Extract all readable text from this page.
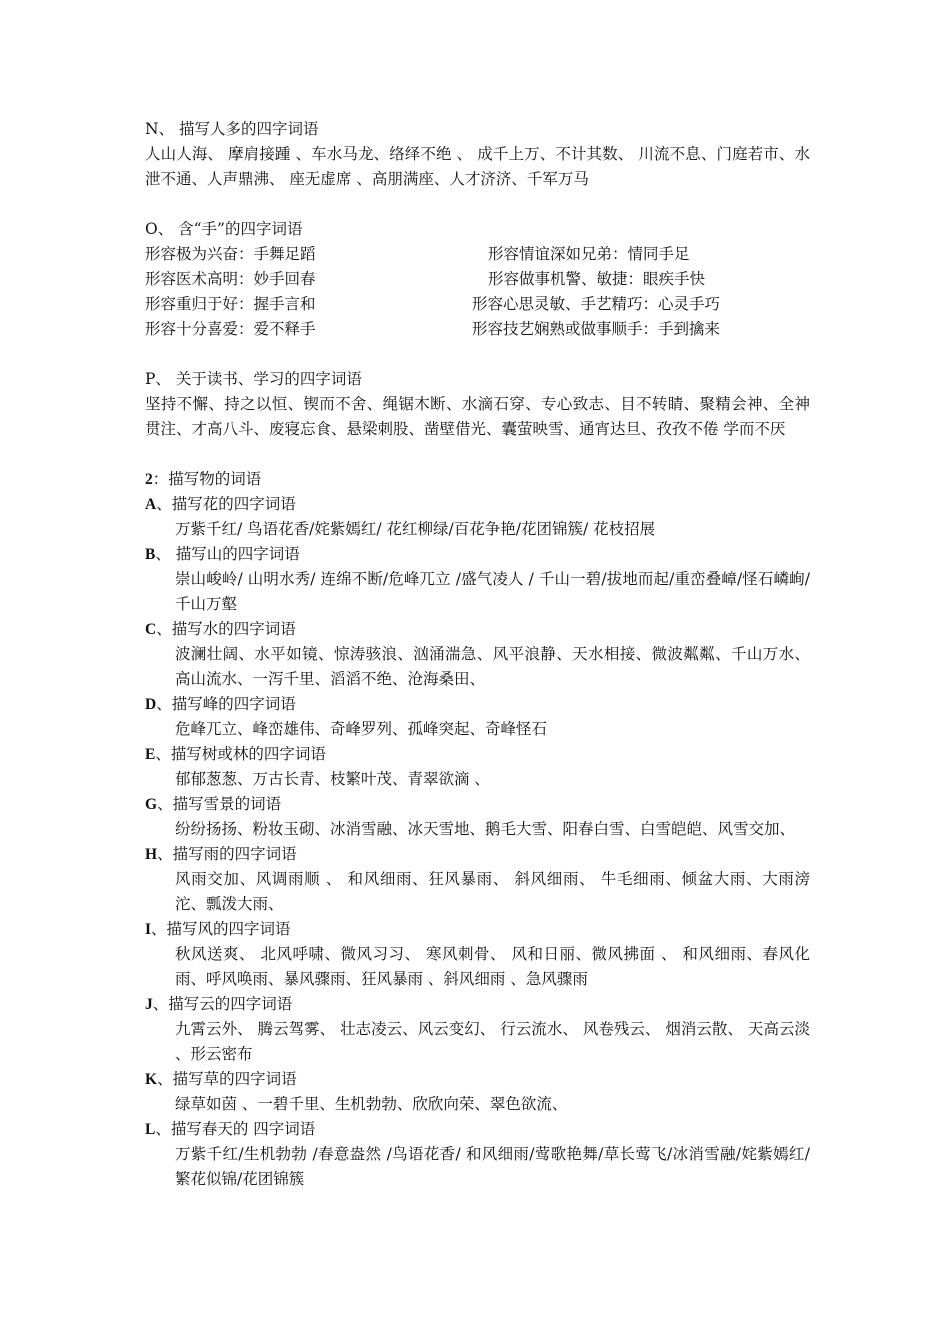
N、 描写人多的四字词语
人山人海、 摩肩接踵 、车水马龙、络绎不绝 、 成千上万、不计其数、 川流不息、门庭若市、水泄不通、人声鼎沸、 座无虚席 、高朋满座、人才济济、千军万马
O、 含“手”的四字词语
形容极为兴奋：手舞足蹈	形容情谊深如兄弟：情同手足
形容医术高明：妙手回春	形容做事机警、敏捷：眼疾手快
形容重归于好：握手言和	形容心思灵敏、手艺精巧：心灵手巧
形容十分喜爱：爱不释手	形容技艺娴熟或做事顺手：手到擒来
P、 关于读书、学习的四字词语
坚持不懈、持之以恒、锲而不舍、绳锯木断、水滴石穿、专心致志、目不转睛、聚精会神、全神贯注、才高八斗、废寝忘食、悬梁刺股、凿壁借光、囊萤映雪、通宵达旦、孜孜不倦 学而不厌
2：描写物的词语
A、描写花的四字词语
万紫千红/ 鸟语花香/姹紫嫣红/ 花红柳绿/百花争艳/花团锦簇/ 花枝招展
B、 描写山的四字词语
崇山峻岭/ 山明水秀/ 连绵不断/危峰兀立 /盛气凌人 / 千山一碧/拔地而起/重峦叠嶂/怪石嶙峋/千山万壑
C、描写水的四字词语
波澜壮阔、水平如镜、惊涛骇浪、汹涌湍急、风平浪静、天水相接、微波粼粼、千山万水、高山流水、一泻千里、滔滔不绝、沧海桑田、
D、描写峰的四字词语
危峰兀立、峰峦雄伟、奇峰罗列、孤峰突起、奇峰怪石
E、描写树或林的四字词语
郁郁葱葱、万古长青、枝繁叶茂、青翠欲滴 、
G、描写雪景的词语
纷纷扬扬、粉妆玉砌、冰消雪融、冰天雪地、鹅毛大雪、阳春白雪、白雪皑皑、风雪交加、
H、描写雨的四字词语
风雨交加、风调雨顺 、 和风细雨、狂风暴雨、 斜风细雨、 牛毛细雨、倾盆大雨、大雨滂沱、瓢泼大雨、
I、描写风的四字词语
秋风送爽、 北风呼啸、微风习习、 寒风刺骨、 风和日丽、微风拂面 、 和风细雨、春风化雨、呼风唤雨、暴风骤雨、狂风暴雨 、斜风细雨 、急风骤雨
J、描写云的四字词语
九霄云外、 腾云驾雾、 壮志凌云、风云变幻、 行云流水、 风卷残云、 烟消云散、 天高云淡 、形云密布
K、描写草的四字词语
绿草如茵 、一碧千里、生机勃勃、欣欣向荣、翠色欲流、
L、描写春天的 四字词语
万紫千红/生机勃勃 /春意盎然 /鸟语花香/ 和风细雨/莺歌艳舞/草长莺飞/冰消雪融/姹紫嫣红/繁花似锦/花团锦簇
